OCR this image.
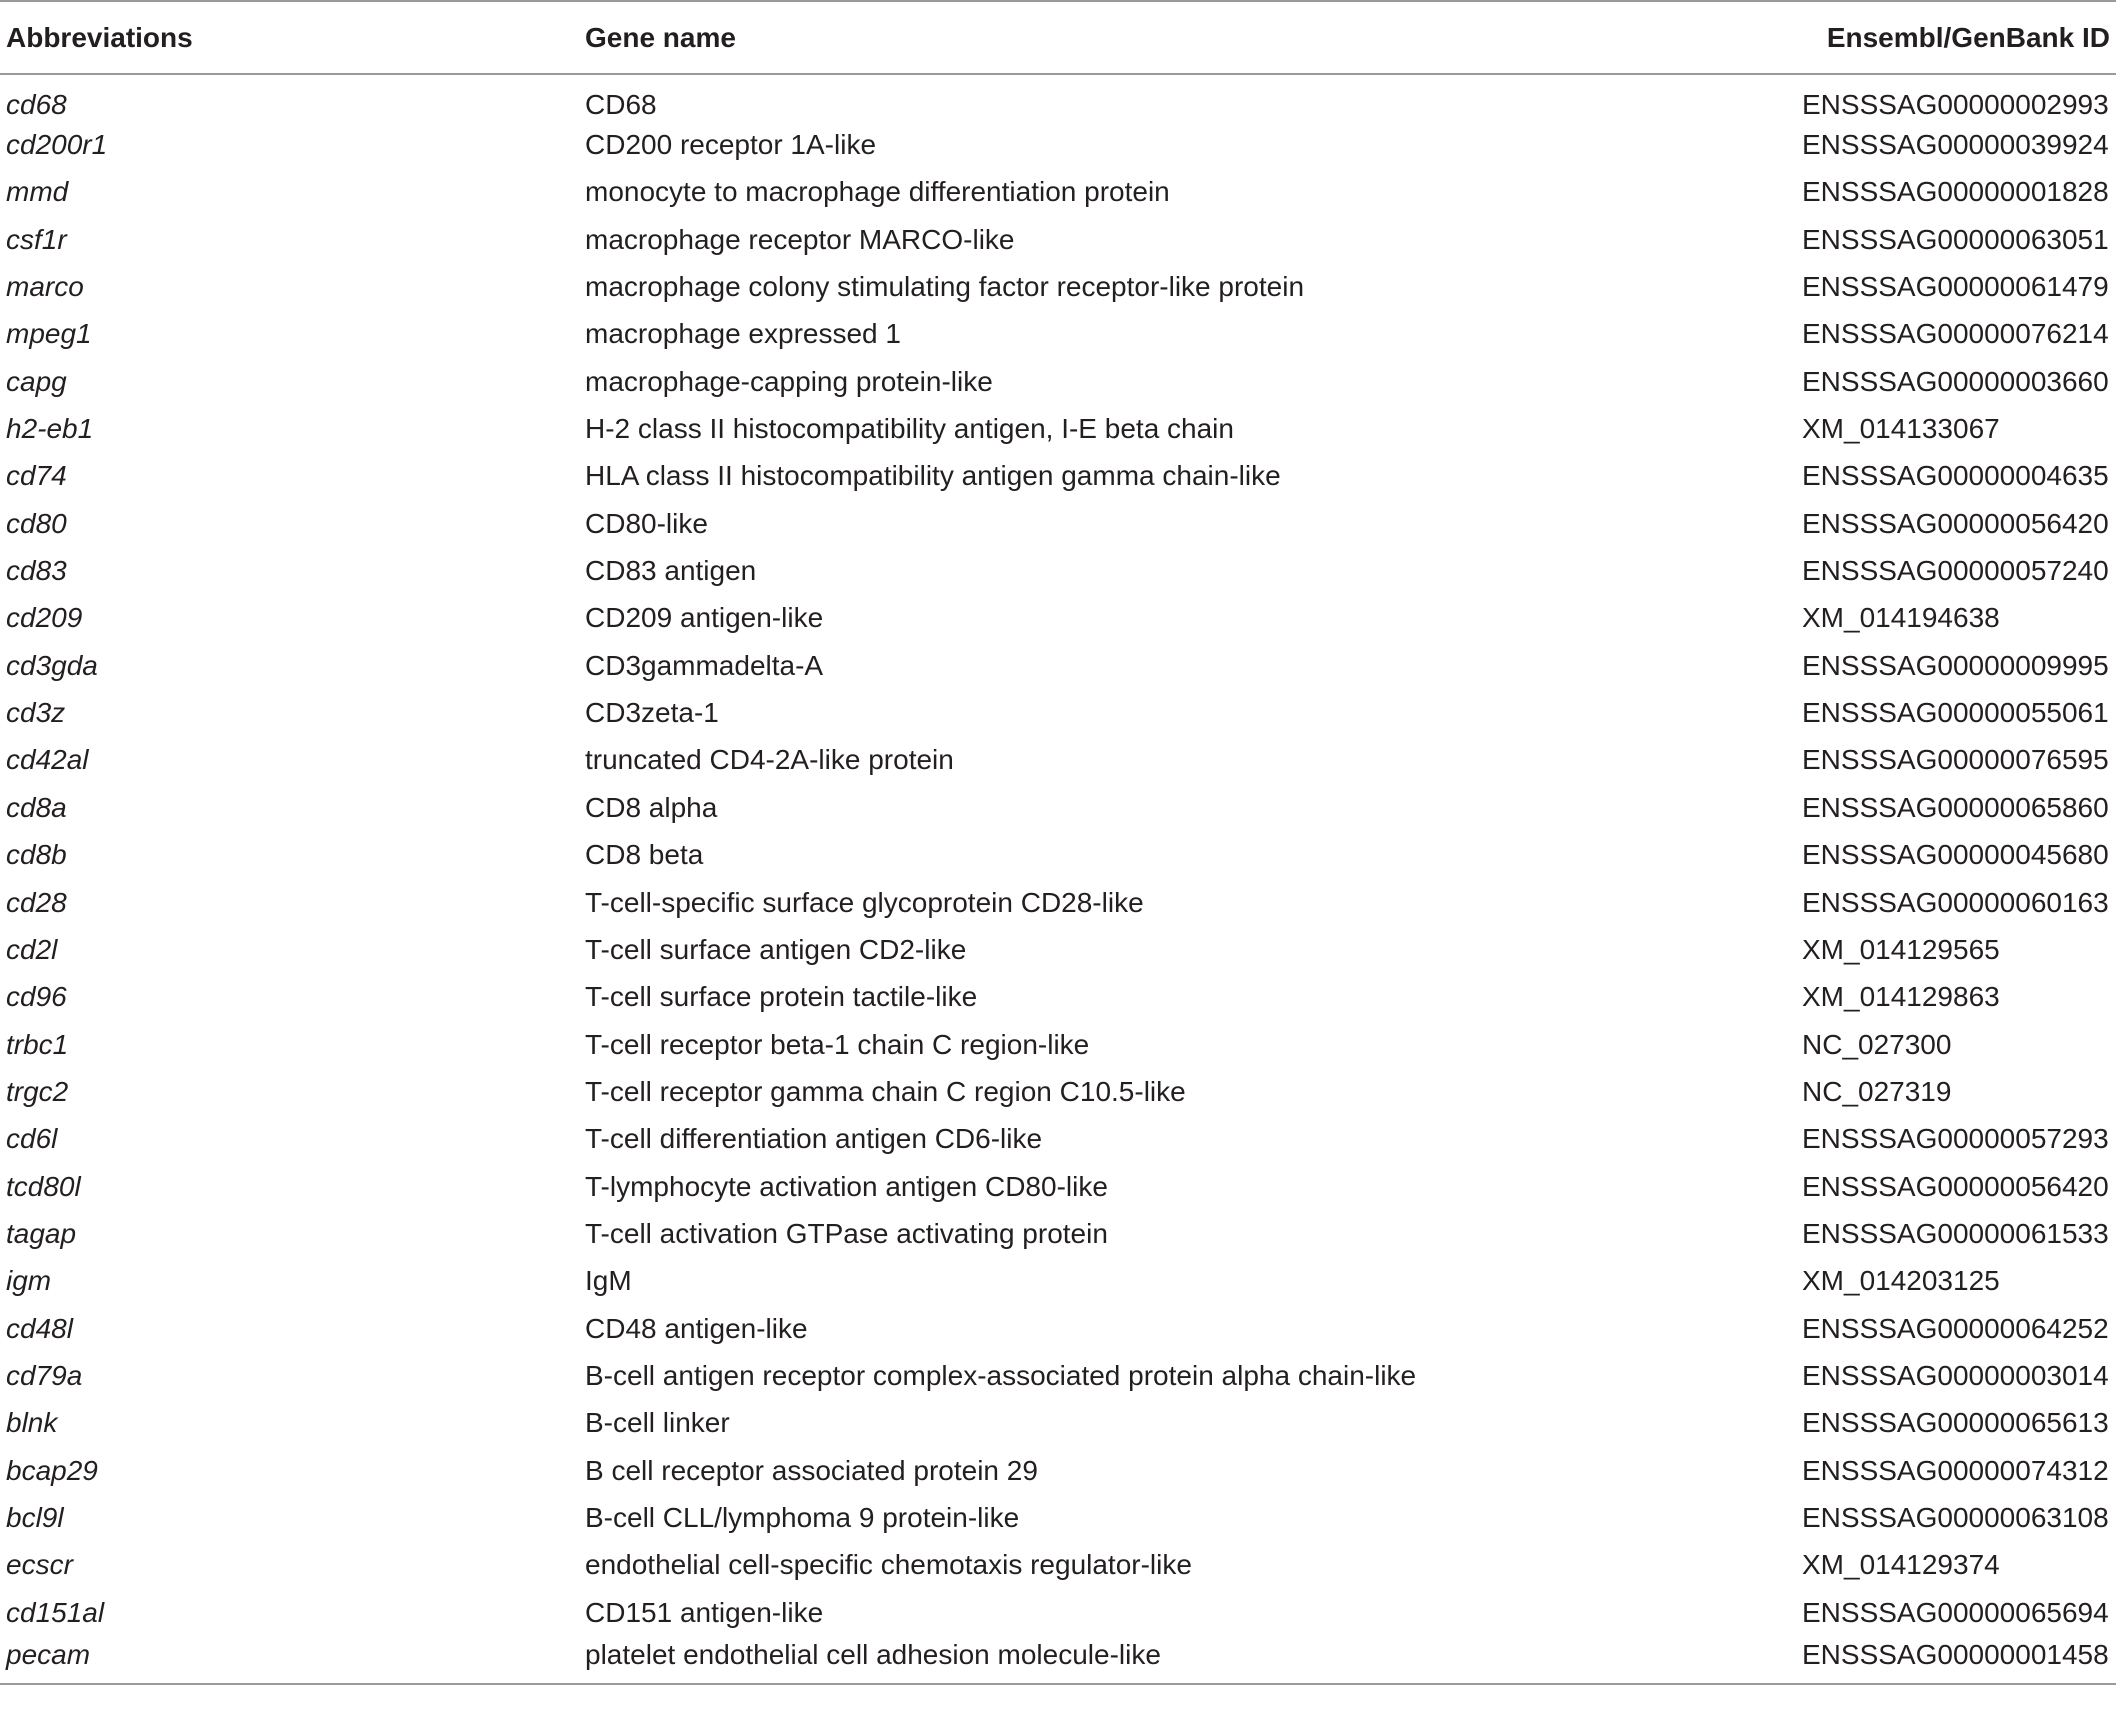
Abbreviations	Gene name	Ensembl/GenBank ID
cd68	CD68	ENSSSAG00000002993
cd200r1	CD200 receptor 1A-like	ENSSSAG00000039924
mmd	monocyte to macrophage differentiation protein	ENSSSAG00000001828
csf1r	macrophage receptor MARCO-like	ENSSSAG00000063051
marco	macrophage colony stimulating factor receptor-like protein	ENSSSAG00000061479
mpeg1	macrophage expressed 1	ENSSSAG00000076214
capg	macrophage-capping protein-like	ENSSSAG00000003660
h2-eb1	H-2 class II histocompatibility antigen, I-E beta chain	XM_014133067
cd74	HLA class II histocompatibility antigen gamma chain-like	ENSSSAG00000004635
cd80	CD80-like	ENSSSAG00000056420
cd83	CD83 antigen	ENSSSAG00000057240
cd209	CD209 antigen-like	XM_014194638
cd3gda	CD3gammadelta-A	ENSSSAG00000009995
cd3z	CD3zeta-1	ENSSSAG00000055061
cd42al	truncated CD4-2A-like protein	ENSSSAG00000076595
cd8a	CD8 alpha	ENSSSAG00000065860
cd8b	CD8 beta	ENSSSAG00000045680
cd28	T-cell-specific surface glycoprotein CD28-like	ENSSSAG00000060163
cd2l	T-cell surface antigen CD2-like	XM_014129565
cd96	T-cell surface protein tactile-like	XM_014129863
trbc1	T-cell receptor beta-1 chain C region-like	NC_027300
trgc2	T-cell receptor gamma chain C region C10.5-like	NC_027319
cd6l	T-cell differentiation antigen CD6-like	ENSSSAG00000057293
tcd80l	T-lymphocyte activation antigen CD80-like	ENSSSAG00000056420
tagap	T-cell activation GTPase activating protein	ENSSSAG00000061533
igm	IgM	XM_014203125
cd48l	CD48 antigen-like	ENSSSAG00000064252
cd79a	B-cell antigen receptor complex-associated protein alpha chain-like	ENSSSAG00000003014
blnk	B-cell linker	ENSSSAG00000065613
bcap29	B cell receptor associated protein 29	ENSSSAG00000074312
bcl9l	B-cell CLL/lymphoma 9 protein-like	ENSSSAG00000063108
ecscr	endothelial cell-specific chemotaxis regulator-like	XM_014129374
cd151al	CD151 antigen-like	ENSSSAG00000065694
pecam	platelet endothelial cell adhesion molecule-like	ENSSSAG00000001458
